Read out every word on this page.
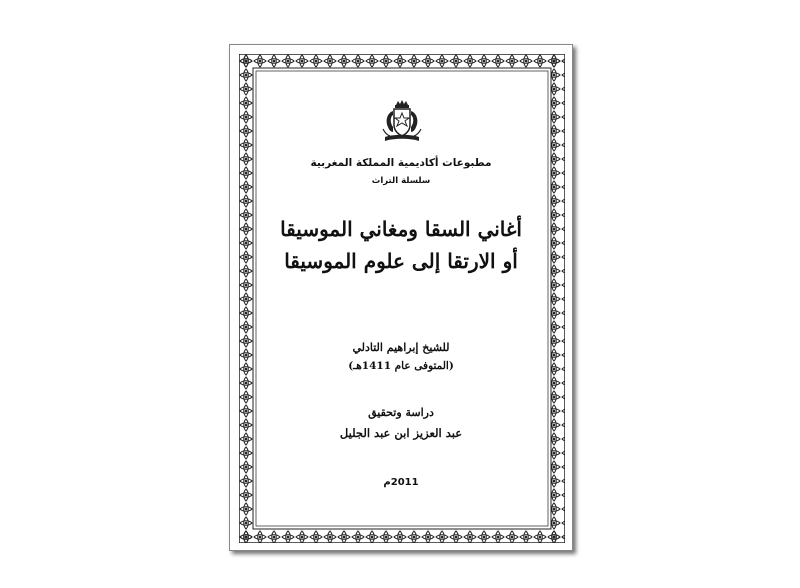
مطبوعات أكاديمية المملكة المغربية
سلسلة التراث
أغاني السقا ومغاني الموسيقا
أو الارتقا إلى علوم الموسيقا
للشيخ إبراهيم التادلي
(المتوفى عام 1411هـ)
دراسة وتحقيق
عبد العزيز ابن عبد الجليل
2011م
